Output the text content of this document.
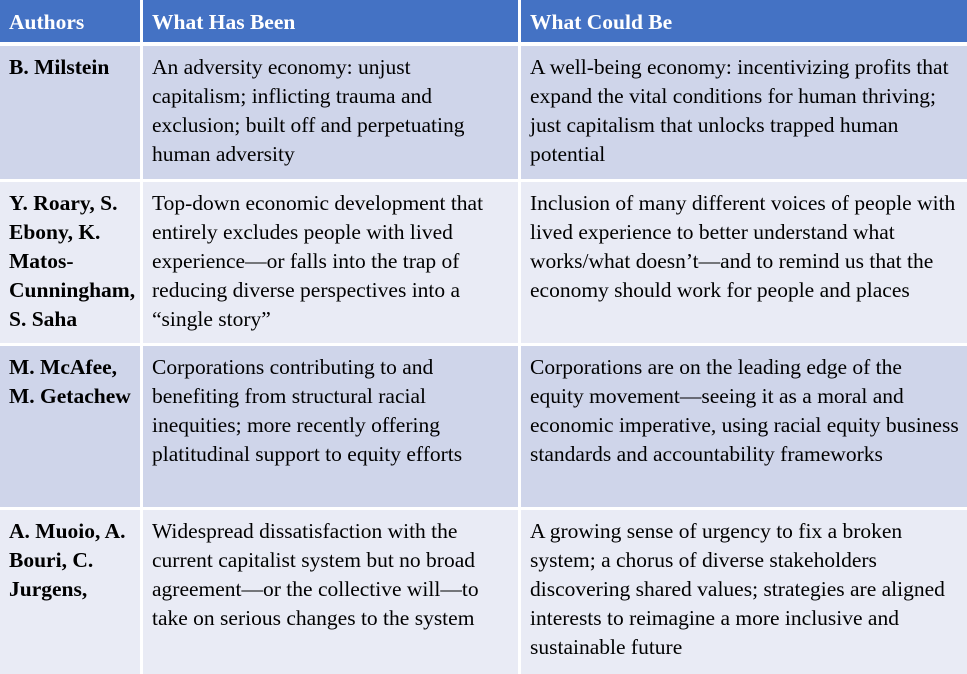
Authors	What Has Been	What Could Be
B. Milstein	An adversity economy: unjust capitalism; inflicting trauma and exclusion; built off and perpetuating human adversity	A well-being economy: incentivizing profits that expand the vital conditions for human thriving; just capitalism that unlocks trapped human potential
Y. Roary, S. Ebony, K. Matos-Cunningham, S. Saha	Top-down economic development that entirely excludes people with lived experience—or falls into the trap of reducing diverse perspectives into a “single story”	Inclusion of many different voices of people with lived experience to better understand what works/what doesn’t—and to remind us that the economy should work for people and places
M. McAfee, M. Getachew	Corporations contributing to and benefiting from structural racial inequities; more recently offering platitudinal support to equity efforts	Corporations are on the leading edge of the equity movement—seeing it as a moral and economic imperative, using racial equity business standards and accountability frameworks
A. Muoio, A. Bouri, C. Jurgens,	Widespread dissatisfaction with the current capitalist system but no broad agreement—or the collective will—to take on serious changes to the system	A growing sense of urgency to fix a broken system; a chorus of diverse stakeholders discovering shared values; strategies are aligned interests to reimagine a more inclusive and sustainable future
